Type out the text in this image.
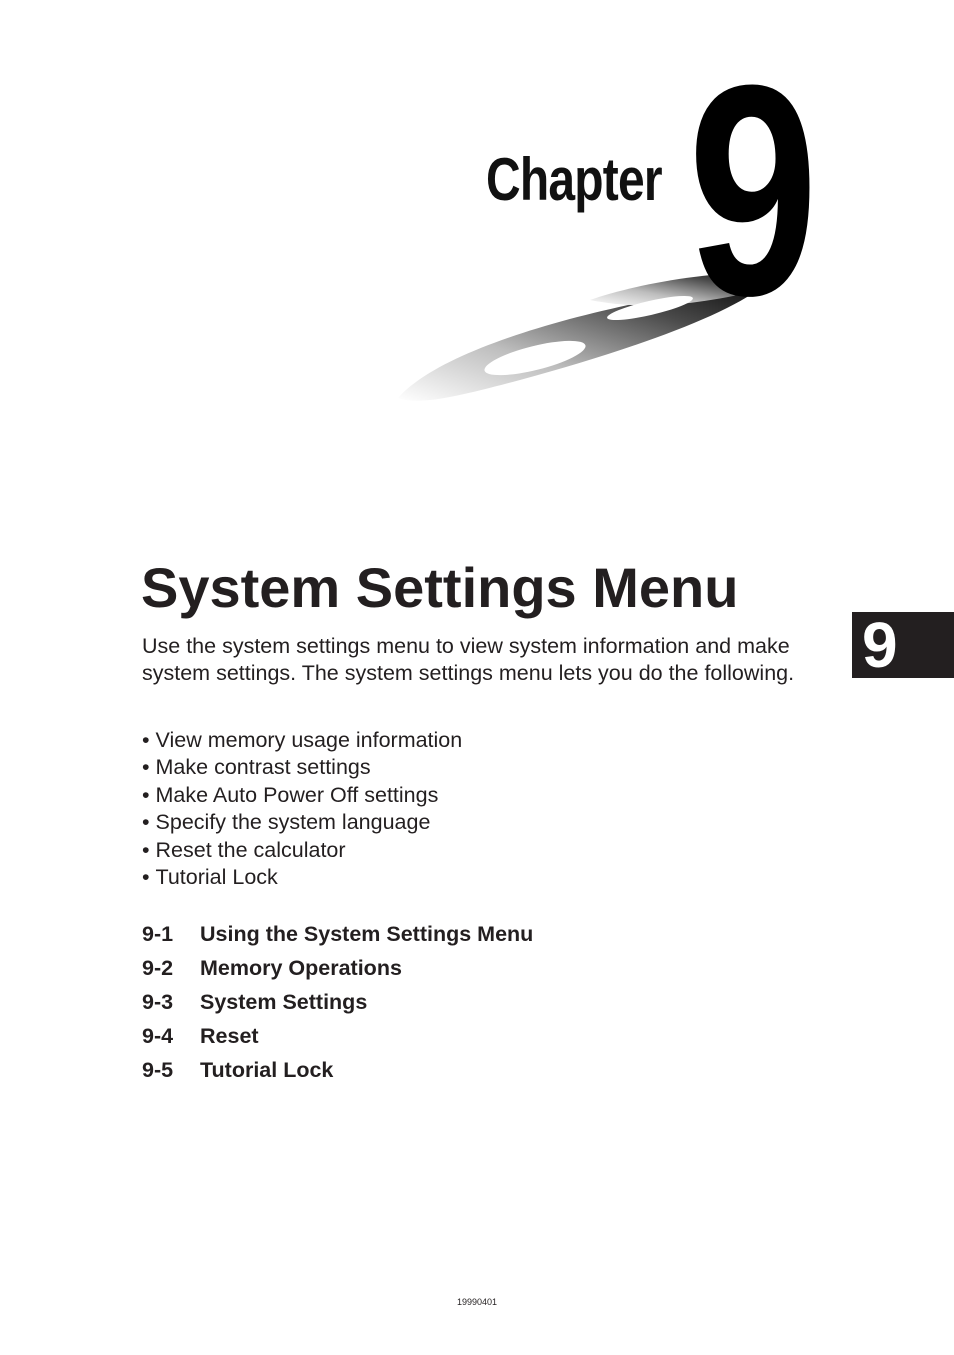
9
Chapter
System Settings Menu

Use the system settings menu to view system information and make system settings. The system settings menu lets you do the following.

• View memory usage information
• Make contrast settings
• Make Auto Power Off settings
• Specify the system language
• Reset the calculator
• Tutorial Lock
9-1	Using the System Settings Menu
9-2	Memory Operations
9-3	System Settings
9-4	Reset
9-5	Tutorial Lock
9
19990401
